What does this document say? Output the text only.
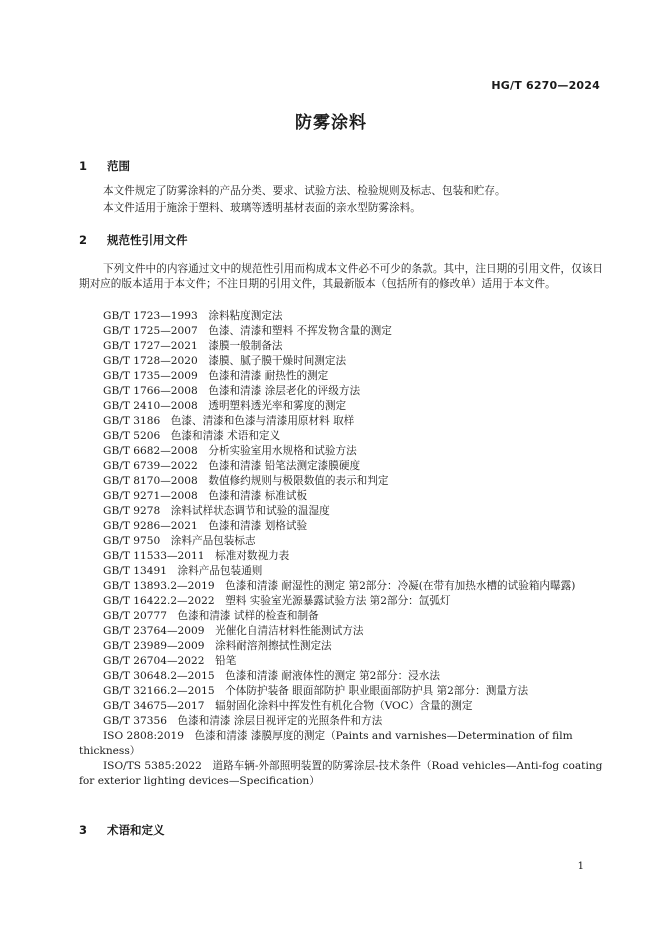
HG/T 6270—2024
防雾涂料
1 范围

本文件规定了防雾涂料的产品分类、要求、试验方法、检验规则及标志、包装和贮存。

本文件适用于施涂于塑料、玻璃等透明基材表面的亲水型防雾涂料。

2 规范性引用文件

下列文件中的内容通过文中的规范性引用而构成本文件必不可少的条款。其中，注日期的引用文件，仅该日期对应的版本适用于本文件；不注日期的引用文件，其最新版本（包括所有的修改单）适用于本文件。

GB/T 1723—1993　涂料粘度测定法
GB/T 1725—2007　色漆、清漆和塑料 不挥发物含量的测定
GB/T 1727—2021　漆膜一般制备法
GB/T 1728—2020　漆膜、腻子膜干燥时间测定法
GB/T 1735—2009　色漆和清漆 耐热性的测定
GB/T 1766—2008　色漆和清漆 涂层老化的评级方法
GB/T 2410—2008　透明塑料透光率和雾度的测定
GB/T 3186　色漆、清漆和色漆与清漆用原材料 取样
GB/T 5206　色漆和清漆 术语和定义
GB/T 6682—2008　分析实验室用水规格和试验方法
GB/T 6739—2022　色漆和清漆 铅笔法测定漆膜硬度
GB/T 8170—2008　数值修约规则与极限数值的表示和判定
GB/T 9271—2008　色漆和清漆 标准试板
GB/T 9278　涂料试样状态调节和试验的温湿度
GB/T 9286—2021　色漆和清漆 划格试验
GB/T 9750　涂料产品包装标志
GB/T 11533—2011　标准对数视力表
GB/T 13491　涂料产品包装通则
GB/T 13893.2—2019　色漆和清漆 耐湿性的测定 第2部分：冷凝(在带有加热水槽的试验箱内曝露)
GB/T 16422.2—2022　塑料 实验室光源暴露试验方法 第2部分：氙弧灯
GB/T 20777　色漆和清漆 试样的检查和制备
GB/T 23764—2009　光催化自清洁材料性能测试方法
GB/T 23989—2009　涂料耐溶剂擦拭性测定法
GB/T 26704—2022　铅笔
GB/T 30648.2—2015　色漆和清漆 耐液体性的测定 第2部分：浸水法
GB/T 32166.2—2015　个体防护装备 眼面部防护 职业眼面部防护具 第2部分：测量方法
GB/T 34675—2017　辐射固化涂料中挥发性有机化合物（VOC）含量的测定
GB/T 37356　色漆和清漆 涂层目视评定的光照条件和方法
ISO 2808:2019　色漆和清漆 漆膜厚度的测定（Paints and varnishes—Determination of film thickness）
ISO/TS 5385:2022　道路车辆-外部照明装置的防雾涂层-技术条件（Road vehicles—Anti-fog coating for exterior lighting devices—Specification）
3 术语和定义
1
